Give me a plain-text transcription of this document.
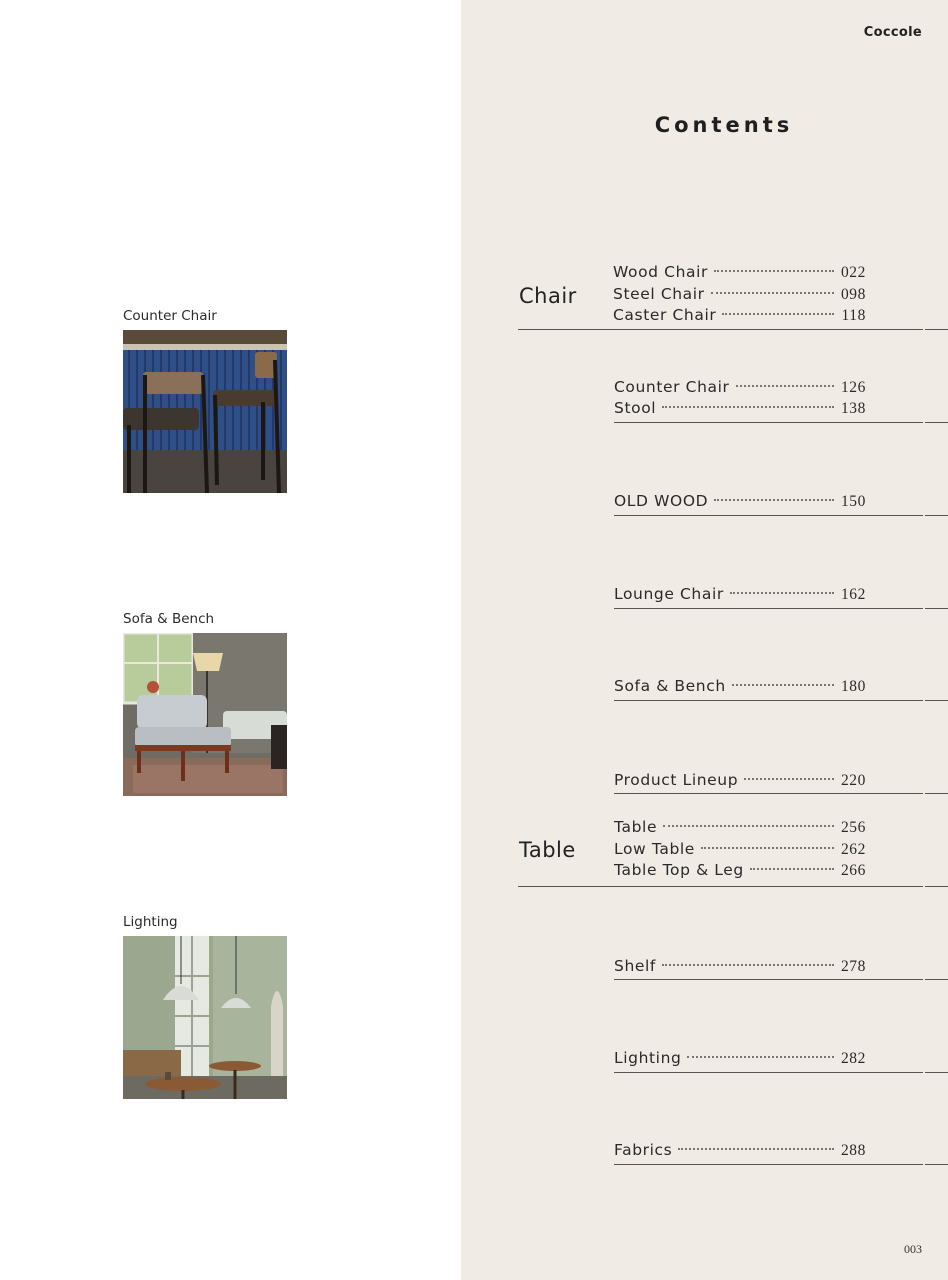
Coccole
Contents
Counter Chair
Sofa & Bench
Lighting
Chair
Table
Wood Chair	022
Steel Chair	098
Caster Chair	118
Counter Chair	126
Stool	138
OLD WOOD	150
Lounge Chair	162
Sofa & Bench	180
Product Lineup	220
Table	256
Low Table	262
Table Top & Leg	266
Shelf	278
Lighting	282
Fabrics	288
003
